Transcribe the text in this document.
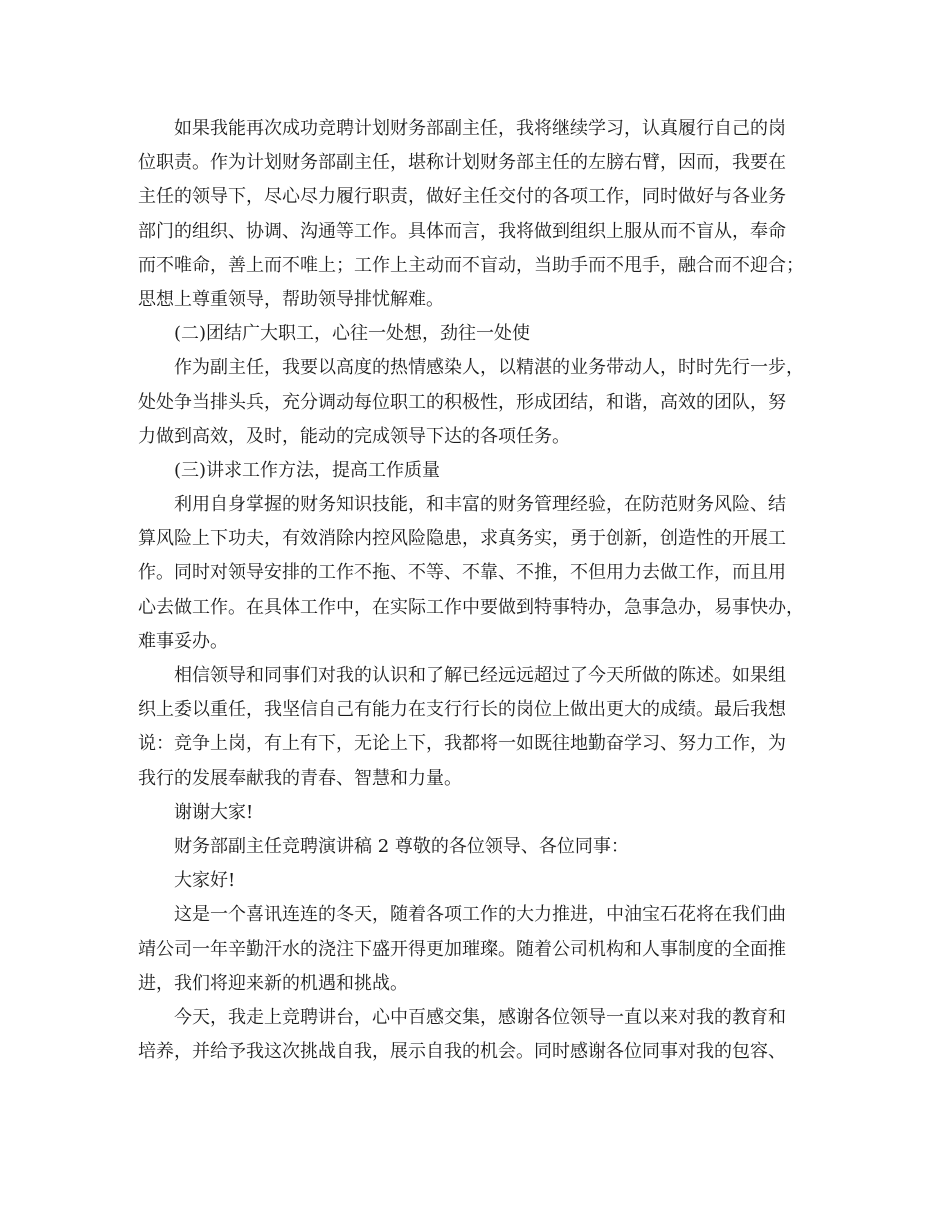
如果我能再次成功竞聘计划财务部副主任，我将继续学习，认真履行自己的岗
位职责。作为计划财务部副主任，堪称计划财务部主任的左膀右臂，因而，我要在
主任的领导下，尽心尽力履行职责，做好主任交付的各项工作，同时做好与各业务
部门的组织、协调、沟通等工作。具体而言，我将做到组织上服从而不盲从，奉命
而不唯命，善上而不唯上；工作上主动而不盲动，当助手而不甩手，融合而不迎合；
思想上尊重领导，帮助领导排忧解难。

(二)团结广大职工，心往一处想，劲往一处使

作为副主任，我要以高度的热情感染人，以精湛的业务带动人，时时先行一步，
处处争当排头兵，充分调动每位职工的积极性，形成团结，和谐，高效的团队，努
力做到高效，及时，能动的完成领导下达的各项任务。

(三)讲求工作方法，提高工作质量

利用自身掌握的财务知识技能，和丰富的财务管理经验，在防范财务风险、结
算风险上下功夫，有效消除内控风险隐患，求真务实，勇于创新，创造性的开展工
作。同时对领导安排的工作不拖、不等、不靠、不推，不但用力去做工作，而且用
心去做工作。在具体工作中，在实际工作中要做到特事特办，急事急办，易事快办，
难事妥办。

相信领导和同事们对我的认识和了解已经远远超过了今天所做的陈述。如果组
织上委以重任，我坚信自己有能力在支行行长的岗位上做出更大的成绩。最后我想
说：竞争上岗，有上有下，无论上下，我都将一如既往地勤奋学习、努力工作，为
我行的发展奉献我的青春、智慧和力量。

谢谢大家!

财务部副主任竞聘演讲稿 2 尊敬的各位领导、各位同事：

大家好!

这是一个喜讯连连的冬天，随着各项工作的大力推进，中油宝石花将在我们曲
靖公司一年辛勤汗水的浇注下盛开得更加璀璨。随着公司机构和人事制度的全面推
进，我们将迎来新的机遇和挑战。

今天，我走上竞聘讲台，心中百感交集，感谢各位领导一直以来对我的教育和
培养，并给予我这次挑战自我，展示自我的机会。同时感谢各位同事对我的包容、
